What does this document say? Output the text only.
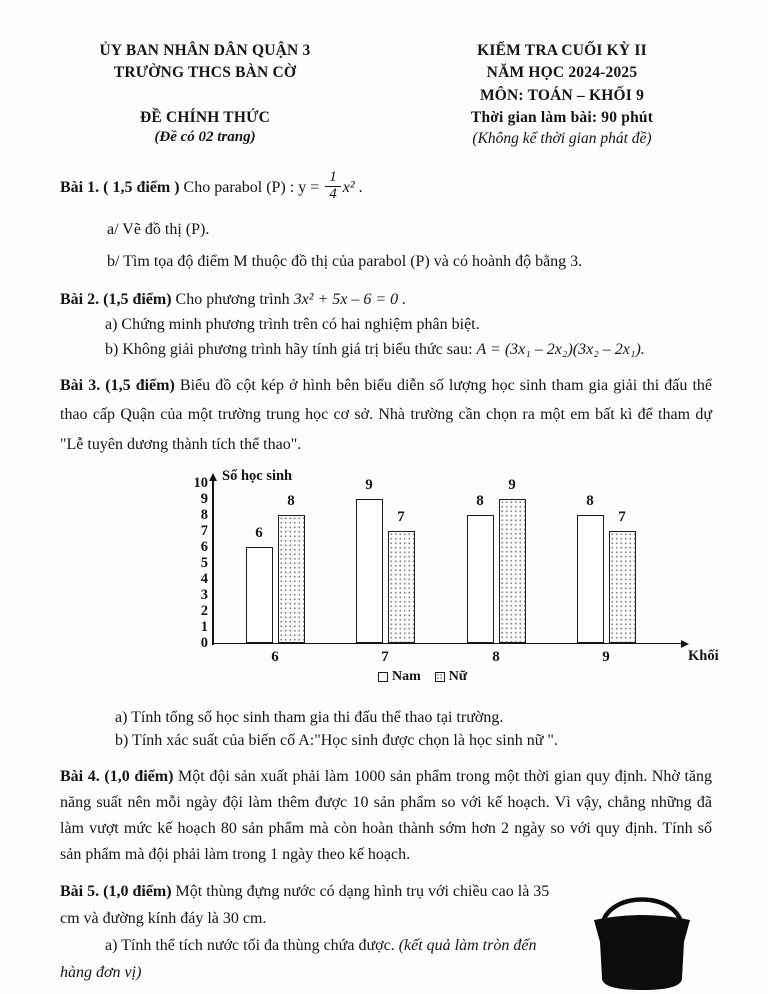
ỦY BAN NHÂN DÂN QUẬN 3
TRƯỜNG THCS BÀN CỜ
ĐỀ CHÍNH THỨC
(Đề có 02 trang)
KIỂM TRA CUỐI KỲ II
NĂM HỌC 2024-2025
MÔN: TOÁN – KHỐI 9
Thời gian làm bài: 90 phút
(Không kể thời gian phát đề)
Bài 1. ( 1,5 điểm ) Cho parabol (P) : $y = \frac{1}{4} x^2$ .
a/ Vẽ đồ thị (P).
b/ Tìm tọa độ điểm M thuộc đồ thị của parabol (P) và có hoành độ bằng 3.
Bài 2. (1,5 điểm) Cho phương trình 3x² + 5x – 6 = 0 .
a) Chứng minh phương trình trên có hai nghiệm phân biệt.
b) Không giải phương trình hãy tính giá trị biểu thức sau: A = (3x₁ – 2x₂)(3x₂ – 2x₁).
Bài 3. (1,5 điểm) Biểu đồ cột kép ở hình bên biểu diễn số lượng học sinh tham gia giải thi đấu thể thao cấp Quận của một trường trung học cơ sở. Nhà trường cần chọn ra một em bất kì để tham dự "Lễ tuyên dương thành tích thể thao".
0
1
2
3
4
5
6
7
8
9
10 Số học sinh
Khối
6
8
6
9
7
7
8
9
8
8
7
9
Nam Nữ
a) Tính tổng số học sinh tham gia thi đấu thể thao tại trường.
b) Tính xác suất của biến cố A:"Học sinh được chọn là học sinh nữ ".
Bài 4. (1,0 điểm) Một đội sản xuất phải làm 1000 sản phẩm trong một thời gian quy định. Nhờ tăng năng suất nên mỗi ngày đội làm thêm được 10 sản phẩm so với kế hoạch. Vì vậy, chẳng những đã làm vượt mức kế hoạch 80 sản phẩm mà còn hoàn thành sớm hơn 2 ngày so với quy định. Tính số sản phẩm mà đội phải làm trong 1 ngày theo kế hoạch.
Bài 5. (1,0 điểm) Một thùng đựng nước có dạng hình trụ với chiều cao là 35 cm và đường kính đáy là 30 cm.
a) Tính thể tích nước tối đa thùng chứa được. (kết quả làm tròn đến hàng đơn vị)
